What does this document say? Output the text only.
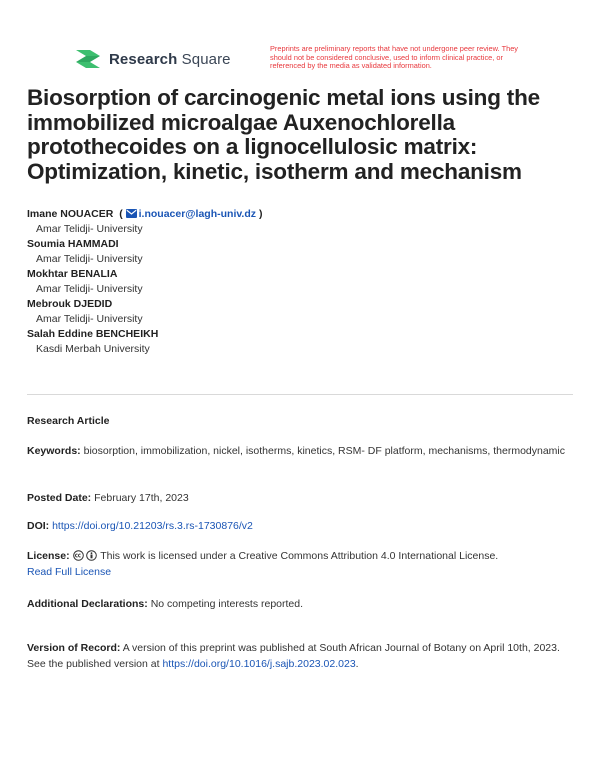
Research Square
Preprints are preliminary reports that have not undergone peer review. They should not be considered conclusive, used to inform clinical practice, or referenced by the media as validated information.
Biosorption of carcinogenic metal ions using the immobilized microalgae Auxenochlorella protothecoides on a lignocellulosic matrix: Optimization, kinetic, isotherm and mechanism
Imane NOUACER ( i.nouacer@lagh-univ.dz )
Amar Telidji- University
Soumia HAMMADI
Amar Telidji- University
Mokhtar BENALIA
Amar Telidji- University
Mebrouk DJEDID
Amar Telidji- University
Salah Eddine BENCHEIKH
Kasdi Merbah University
Research Article
Keywords: biosorption, immobilization, nickel, isotherms, kinetics, RSM- DF platform, mechanisms, thermodynamic
Posted Date: February 17th, 2023
DOI: https://doi.org/10.21203/rs.3.rs-1730876/v2
License:	This work is licensed under a Creative Commons Attribution 4.0 International License.
Read Full License
Additional Declarations: No competing interests reported.
Version of Record: A version of this preprint was published at South African Journal of Botany on April 10th, 2023. See the published version at https://doi.org/10.1016/j.sajb.2023.02.023.
